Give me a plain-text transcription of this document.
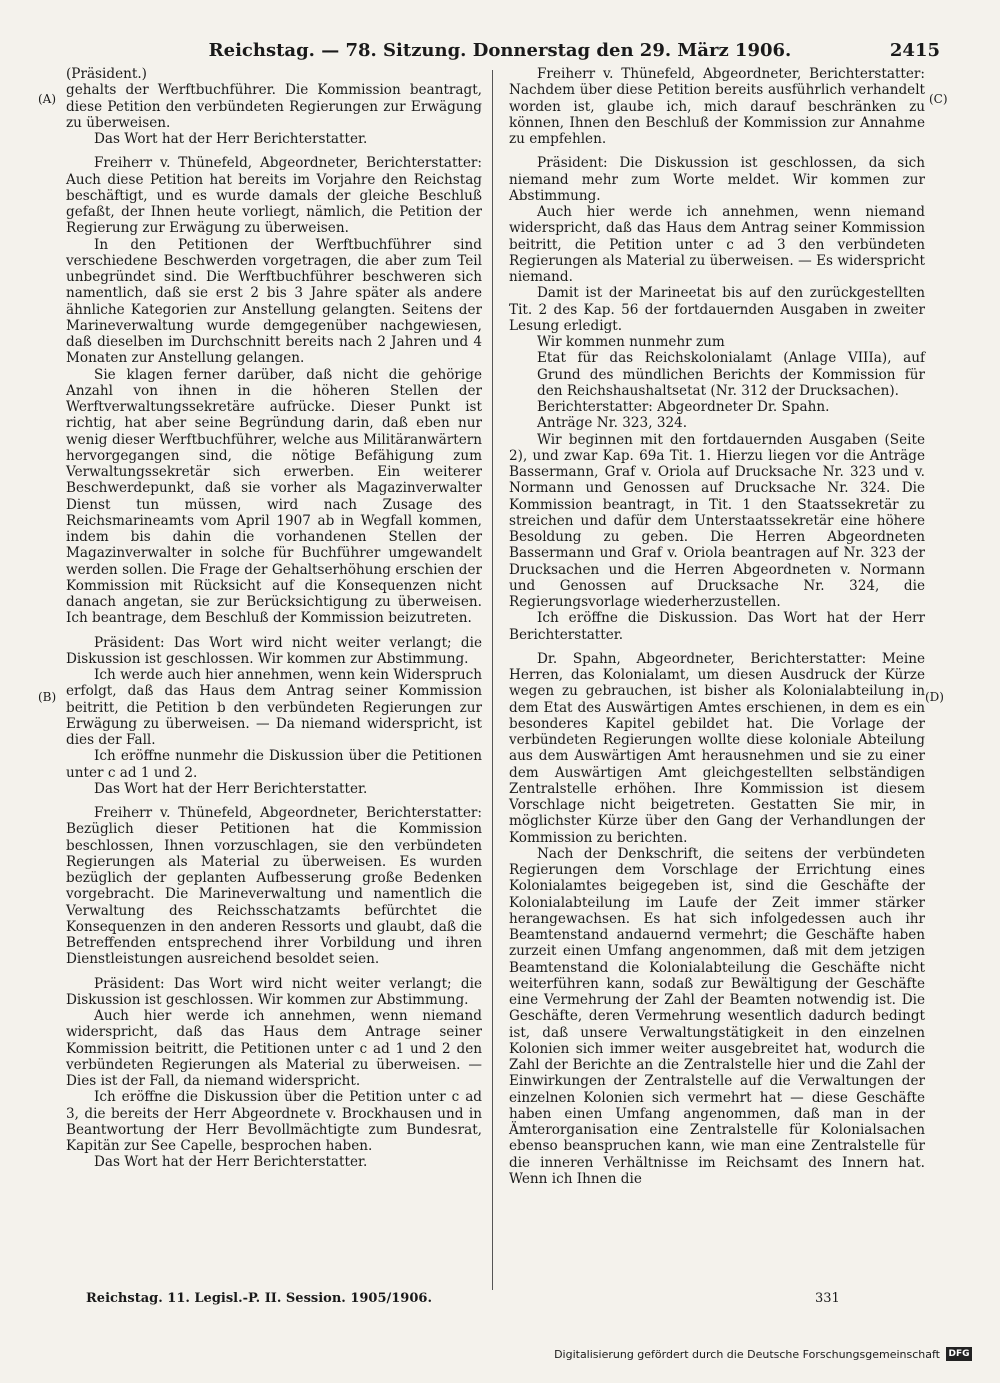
Reichstag. — 78. Sitzung. Donnerstag den 29. März 1906.	2415
(A)
(B)
(C)
(D)

(Präsident.)

gehalts der Werftbuchführer. Die Kommission beantragt, diese Petition den verbündeten Regierungen zur Erwägung zu überweisen.

Das Wort hat der Herr Berichterstatter.

Freiherr v. Thünefeld, Abgeordneter, Berichterstatter: Auch diese Petition hat bereits im Vorjahre den Reichstag beschäftigt, und es wurde damals der gleiche Beschluß gefaßt, der Ihnen heute vorliegt, nämlich, die Petition der Regierung zur Erwägung zu überweisen.

In den Petitionen der Werftbuchführer sind verschiedene Beschwerden vorgetragen, die aber zum Teil unbegründet sind. Die Werftbuchführer beschweren sich namentlich, daß sie erst 2 bis 3 Jahre später als andere ähnliche Kategorien zur Anstellung gelangten. Seitens der Marineverwaltung wurde demgegenüber nachgewiesen, daß dieselben im Durchschnitt bereits nach 2 Jahren und 4 Monaten zur Anstellung gelangen.

Sie klagen ferner darüber, daß nicht die gehörige Anzahl von ihnen in die höheren Stellen der Werftverwaltungssekretäre aufrücke. Dieser Punkt ist richtig, hat aber seine Begründung darin, daß eben nur wenig dieser Werftbuchführer, welche aus Militäranwärtern hervorgegangen sind, die nötige Befähigung zum Verwaltungssekretär sich erwerben. Ein weiterer Beschwerdepunkt, daß sie vorher als Magazinverwalter Dienst tun müssen, wird nach Zusage des Reichsmarineamts vom April 1907 ab in Wegfall kommen, indem bis dahin die vorhandenen Stellen der Magazinverwalter in solche für Buchführer umgewandelt werden sollen. Die Frage der Gehaltserhöhung erschien der Kommission mit Rücksicht auf die Konsequenzen nicht danach angetan, sie zur Berücksichtigung zu überweisen. Ich beantrage, dem Beschluß der Kommission beizutreten.

Präsident: Das Wort wird nicht weiter verlangt; die Diskussion ist geschlossen. Wir kommen zur Abstimmung.

Ich werde auch hier annehmen, wenn kein Widerspruch erfolgt, daß das Haus dem Antrag seiner Kommission beitritt, die Petition b den verbündeten Regierungen zur Erwägung zu überweisen. — Da niemand widerspricht, ist dies der Fall.

Ich eröffne nunmehr die Diskussion über die Petitionen unter c ad 1 und 2.

Das Wort hat der Herr Berichterstatter.

Freiherr v. Thünefeld, Abgeordneter, Berichterstatter: Bezüglich dieser Petitionen hat die Kommission beschlossen, Ihnen vorzuschlagen, sie den verbündeten Regierungen als Material zu überweisen. Es wurden bezüglich der geplanten Aufbesserung große Bedenken vorgebracht. Die Marineverwaltung und namentlich die Verwaltung des Reichsschatzamts befürchtet die Konsequenzen in den anderen Ressorts und glaubt, daß die Betreffenden entsprechend ihrer Vorbildung und ihren Dienstleistungen ausreichend besoldet seien.

Präsident: Das Wort wird nicht weiter verlangt; die Diskussion ist geschlossen. Wir kommen zur Abstimmung.

Auch hier werde ich annehmen, wenn niemand widerspricht, daß das Haus dem Antrage seiner Kommission beitritt, die Petitionen unter c ad 1 und 2 den verbündeten Regierungen als Material zu überweisen. — Dies ist der Fall, da niemand widerspricht.

Ich eröffne die Diskussion über die Petition unter c ad 3, die bereits der Herr Abgeordnete v. Brockhausen und in Beantwortung der Herr Bevollmächtigte zum Bundesrat, Kapitän zur See Capelle, besprochen haben.

Das Wort hat der Herr Berichterstatter.

Freiherr v. Thünefeld, Abgeordneter, Berichterstatter: Nachdem über diese Petition bereits ausführlich verhandelt worden ist, glaube ich, mich darauf beschränken zu können, Ihnen den Beschluß der Kommission zur Annahme zu empfehlen.

Präsident: Die Diskussion ist geschlossen, da sich niemand mehr zum Worte meldet. Wir kommen zur Abstimmung.

Auch hier werde ich annehmen, wenn niemand widerspricht, daß das Haus dem Antrag seiner Kommission beitritt, die Petition unter c ad 3 den verbündeten Regierungen als Material zu überweisen. — Es widerspricht niemand.

Damit ist der Marineetat bis auf den zurückgestellten Tit. 2 des Kap. 56 der fortdauernden Ausgaben in zweiter Lesung erledigt.

Wir kommen nunmehr zum

Etat für das Reichskolonialamt (Anlage VIIIa), auf Grund des mündlichen Berichts der Kommission für den Reichshaushaltsetat (Nr. 312 der Drucksachen).

Berichterstatter: Abgeordneter Dr. Spahn.

Anträge Nr. 323, 324.

Wir beginnen mit den fortdauernden Ausgaben (Seite 2), und zwar Kap. 69a Tit. 1. Hierzu liegen vor die Anträge Bassermann, Graf v. Oriola auf Drucksache Nr. 323 und v. Normann und Genossen auf Drucksache Nr. 324. Die Kommission beantragt, in Tit. 1 den Staatssekretär zu streichen und dafür dem Unterstaatssekretär eine höhere Besoldung zu geben. Die Herren Abgeordneten Bassermann und Graf v. Oriola beantragen auf Nr. 323 der Drucksachen und die Herren Abgeordneten v. Normann und Genossen auf Drucksache Nr. 324, die Regierungsvorlage wiederherzustellen.

Ich eröffne die Diskussion. Das Wort hat der Herr Berichterstatter.

Dr. Spahn, Abgeordneter, Berichterstatter: Meine Herren, das Kolonialamt, um diesen Ausdruck der Kürze wegen zu gebrauchen, ist bisher als Kolonialabteilung in dem Etat des Auswärtigen Amtes erschienen, in dem es ein besonderes Kapitel gebildet hat. Die Vorlage der verbündeten Regierungen wollte diese koloniale Abteilung aus dem Auswärtigen Amt herausnehmen und sie zu einer dem Auswärtigen Amt gleichgestellten selbständigen Zentralstelle erhöhen. Ihre Kommission ist diesem Vorschlage nicht beigetreten. Gestatten Sie mir, in möglichster Kürze über den Gang der Verhandlungen der Kommission zu berichten.

Nach der Denkschrift, die seitens der verbündeten Regierungen dem Vorschlage der Errichtung eines Kolonialamtes beigegeben ist, sind die Geschäfte der Kolonialabteilung im Laufe der Zeit immer stärker herangewachsen. Es hat sich infolgedessen auch ihr Beamtenstand andauernd vermehrt; die Geschäfte haben zurzeit einen Umfang angenommen, daß mit dem jetzigen Beamtenstand die Kolonialabteilung die Geschäfte nicht weiterführen kann, sodaß zur Bewältigung der Geschäfte eine Vermehrung der Zahl der Beamten notwendig ist. Die Geschäfte, deren Vermehrung wesentlich dadurch bedingt ist, daß unsere Verwaltungstätigkeit in den einzelnen Kolonien sich immer weiter ausgebreitet hat, wodurch die Zahl der Berichte an die Zentralstelle hier und die Zahl der Einwirkungen der Zentralstelle auf die Verwaltungen der einzelnen Kolonien sich vermehrt hat — diese Geschäfte haben einen Umfang angenommen, daß man in der Ämterorganisation eine Zentralstelle für Kolonialsachen ebenso beanspruchen kann, wie man eine Zentralstelle für die inneren Verhältnisse im Reichsamt des Innern hat. Wenn ich Ihnen die

Reichstag. 11. Legisl.-P. II. Session. 1905/1906.	331
Digitalisierung gefördert durch die Deutsche Forschungsgemeinschaft DFG
